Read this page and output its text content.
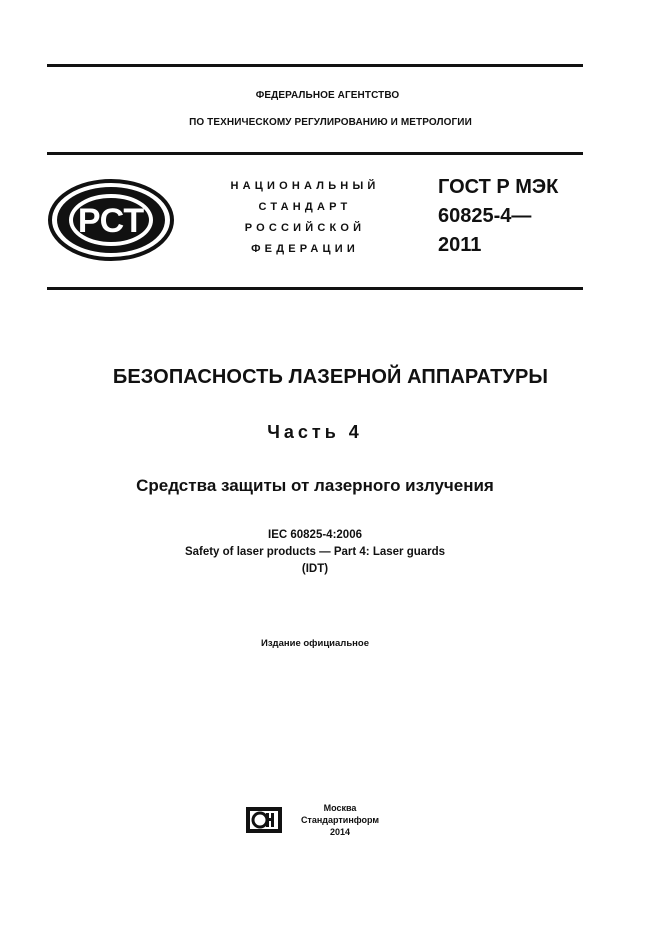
ФЕДЕРАЛЬНОЕ АГЕНТСТВО
ПО ТЕХНИЧЕСКОМУ РЕГУЛИРОВАНИЮ И МЕТРОЛОГИИ
РСТ
НАЦИОНАЛЬНЫЙ
СТАНДАРТ
РОССИЙСКОЙ
ФЕДЕРАЦИИ
ГОСТ Р МЭК
60825-4—
2011
БЕЗОПАСНОСТЬ ЛАЗЕРНОЙ АППАРАТУРЫ
Часть 4
Средства защиты от лазерного излучения
IEC 60825-4:2006
Safety of laser products — Part 4: Laser guards
(IDT)
Издание официальное
Москва
Стандартинформ
2014
